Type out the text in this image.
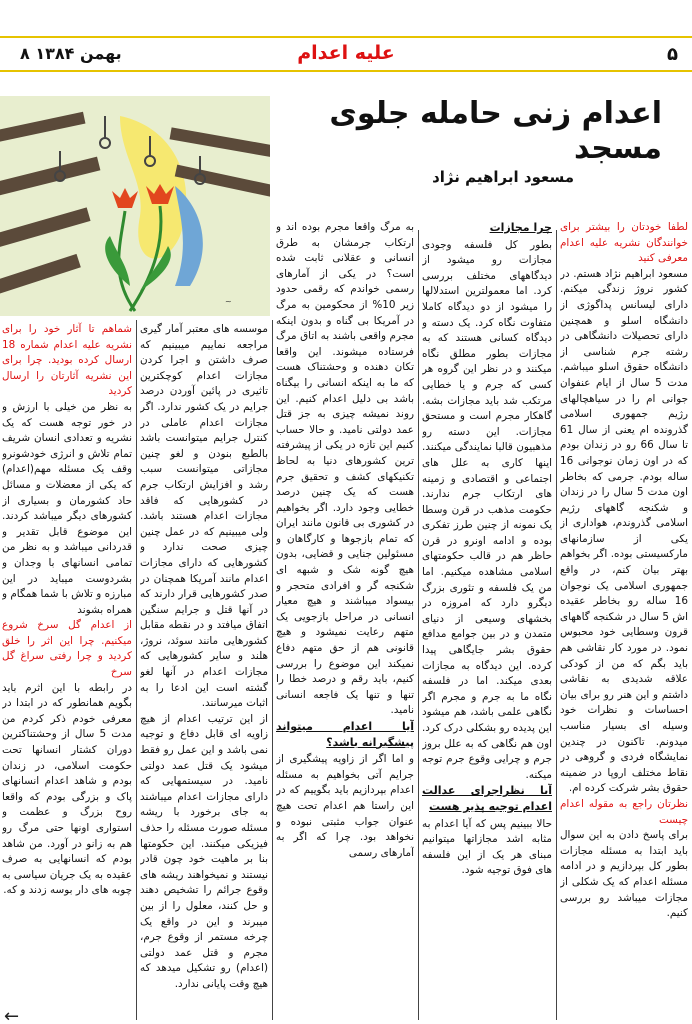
۵
علیه اعدام
۸ بهمن ۱۳۸۴
اعدام زنی حامله جلوی مسجد
مسعود ابراهیم نژاد
~

لطفا خودتان را بیشتر برای خوانندگان نشریه علیه اعدام معرفی کنید

مسعود ابراهیم نژاد هستم. در کشور نروژ زندگی میکنم. دارای لیسانس پداگوژی از دانشگاه اسلو و همچنین دارای تحصیلات دانشگاهی در رشته جرم شناسی از دانشگاه حقوق اسلو میباشم. مدت 5 سال از ایام عنفوان جوانی ام را در سیاهچالهای رژیم جمهوری اسلامی گذرونده ام یعنی از سال 61 تا سال 66 رو در زندان بودم که در اون زمان نوجوانی 16 ساله بودم. جرمی که بخاطر اون مدت 5 سال را در زندان و شکنجه گاههای رژیم اسلامی گذروندم، هواداری از یکی از سازمانهای مارکسیستی بوده. اگر بخواهم بهتر بیان کنم، در واقع جمهوری اسلامی یک نوجوان 16 ساله رو بخاطر عقیده اش 5 سال در شکنجه گاههای قرون وسطایی خود محبوس نمود. در مورد کار نقاشی هم باید بگم که من از کودکی علاقه شدیدی به نقاشی داشتم و این هنر رو برای بیان احساسات و نظرات خود وسیله ای بسیار مناسب میدونم. تاکنون در چندین نمایشگاه فردی و گروهی در نقاط مختلف اروپا در ضمینه حقوق بشر شرکت کرده ام.

نظرتان راجع به مقوله اعدام چیست

برای پاسخ دادن به این سوال باید ابتدا به مسئله مجازات بطور کل بپردازیم و در ادامه مسئله اعدام که یک شکلی از مجازات میباشد رو بررسی کنیم.

چرا مجازات

بطور کل فلسفه وجودی مجازات رو میشود از دیدگاههای مختلف بررسی کرد. اما معمولترین استدلالها را میشود از دو دیدگاه کاملا متفاوت نگاه کرد. یک دسته و دیدگاه کسانی هستند که به مجازات بطور مطلق نگاه میکنند و در نظر این گروه هر کسی که جرم و یا خطایی مرتکب شد باید مجازات بشه. گاهکار مجرم است و مستحق مجازات. این دسته رو مذهبیون قالبا نمایندگی میکنند. اینها کاری به علل های اجتماعی و اقتصادی و زمینه های ارتکاب جرم ندارند. حکومت مذهب در قرن وسطا یک نمونه از چنین طرز تفکری بوده و ادامه اونرو در قرن حاظر هم در قالب حکومتهای اسلامی مشاهده میکنیم. اما من یک فلسفه و تئوری بزرگ دیگرو دارد که امروزه در بخشهای وسیعی از دنیای متمدن و در بین جوامع مدافع حقوق بشر جایگاهی پیدا کرده. این دیدگاه به مجازات بعدی میکند. اما در فلسفه نگاه ما به جرم و مجرم اگر نگاهی علمی باشد، هم میشود این پدیده رو بشکلی درک کرد. اون هم نگاهی که به علل بروز جرم و چرایی وقوع جرم توجه میکنه.

آیا نظراجرای عدالت اعدام توجیه پذیر هست

حالا ببینیم پس که آیا اعدام به مثابه اشد مجازاتها میتوانیم مبنای هر یک از این فلسفه های فوق توجیه شود.

به مرگ واقعا مجرم بوده اند و ارتکاب جرمشان به طرق انسانی و عقلانی ثابت شده است؟ در یکی از آمارهای رسمی خواندم که رقمی حدود زیر 10% از محکومین به مرگ در آمریکا بی گناه و بدون اینکه مجرم واقعی باشند به اتاق مرگ فرستاده میشوند. این واقعا تکان دهنده و وحشتناک هست که ما به اینکه انسانی را بیگناه باشد بی دلیل اعدام کنیم. این روند نمیشه چیزی به جز قتل عمد دولتی نامید. و حالا حساب کنیم این تازه در یکی از پیشرفته ترین کشورهای دنیا به لحاظ تکنیکهای کشف و تحقیق جرم هست که یک چنین درصد خطایی وجود دارد. اگر بخواهیم در کشوری بی قانون مانند ایران که تمام بازجوها و کارگاهان و مسئولین جنایی و قضایی، بدون هیچ گونه شک و شبهه ای شکنجه گر و افرادی متحجر و بیسواد میباشند و هیچ معیار انسانی در مراحل بازجویی یک متهم رعایت نمیشود و هیچ قانونی هم از حق متهم دفاع نمیکند این موضوع را بررسی کنیم، باید رقم و درصد خطا را تنها و تنها یک فاجعه انسانی نامید.

آیا اعدام میتواند پیشگیرانه باشد؟

و اما اگر از زاویه پیشگیری از جرایم آتی بخواهیم به مسئله اعدام بپردازیم باید بگوییم که در این راستا هم اعدام تحت هیچ عنوان جواب مثبتی نبوده و نخواهد بود. چرا که اگر به آمارهای رسمی

موسسه های معتبر آمار گیری مراجعه نماییم میبینیم که صرف داشتن و اجرا کردن مجازات اعدام کوچکترین تاثیری در پائین آوردن درصد جرایم در یک کشور ندارد. اگر مجازات اعدام عاملی در کنترل جرایم میتوانست باشد بالطبع بنودن و لغو چنین مجازاتی میتوانست سبب رشد و افزایش ارتکاب جرم در کشورهایی که فاقد مجازات اعدام هستند باشد. ولی میبینیم که در عمل چنین چیزی صحت ندارد و کشورهایی که دارای مجازات اعدام مانند آمریکا همچنان در صدر کشورهایی قرار دارند که در آنها قتل و جرایم سنگین اتفاق میافتد و در نقطه مقابل کشورهایی مانند سوئد، نروژ، هلند و سایر کشورهایی که مجازات اعدام در آنها لغو گشته است این ادعا را به اثبات میرسانند.

از این ترتیب اعدام از هیچ زاویه ای قابل دفاع و توجیه نمی باشد و این عمل رو فقط میشود یک قتل عمد دولتی نامید. در سیستمهایی که دارای مجازات اعدام میباشند به جای برخورد با ریشه مسئله صورت مسئله را حذف فیزیکی میکنند. این حکومتها بنا بر ماهیت خود چون قادر نیستند و نمیخواهند ریشه های وقوع جرائم را تشخیص دهند و حل کنند، معلول را از بین میبرند و این در واقع یک چرخه مستمر از وقوع جرم، مجرم و قتل عمد دولتی (اعدام) رو تشکیل میدهد که هیچ وقت پایانی ندارد.

شماهم تا آثار خود را برای نشریه علیه اعدام شماره 18 ارسال کرده بودید. چرا برای این نشریه آثارتان را ارسال کردید

به نظر من خیلی با ارزش و در خور توجه هست که یک نشریه و تعدادی انسان شریف تمام تلاش و انرژی خودشونرو وقف یک مسئله مهم(اعدام) که یکی از معضلات و مسائل حاد کشورمان و بسیاری از کشورهای دیگر میباشد کردند. این موضوع قابل تقدیر و قدردانی میباشد و به نظر من تمامی انسانهای با وجدان و بشردوست میباید در این مبارزه و تلاش با شما همگام و همراه بشوند

از اعدام گل سرخ شروع میکنیم. چرا این اثر را خلق کردید و چرا رفتی سراغ گل سرخ

در رابطه با این اثرم باید بگویم همانطور که در ابتدا در معرفی خودم ذکر کردم من مدت 5 سال از وحشتناکترین دوران کشتار انسانها تحت حکومت اسلامی، در زندان بودم و شاهد اعدام انسانهای پاک و بزرگی بودم که واقعا روح بزرگ و عظمت و استواری اونها حتی مرگ رو هم به زانو در آورد. من شاهد بودم که انسانهایی به صرف عقیده به یک جریان سیاسی به چوبه های دار بوسه زدند و که.

←
